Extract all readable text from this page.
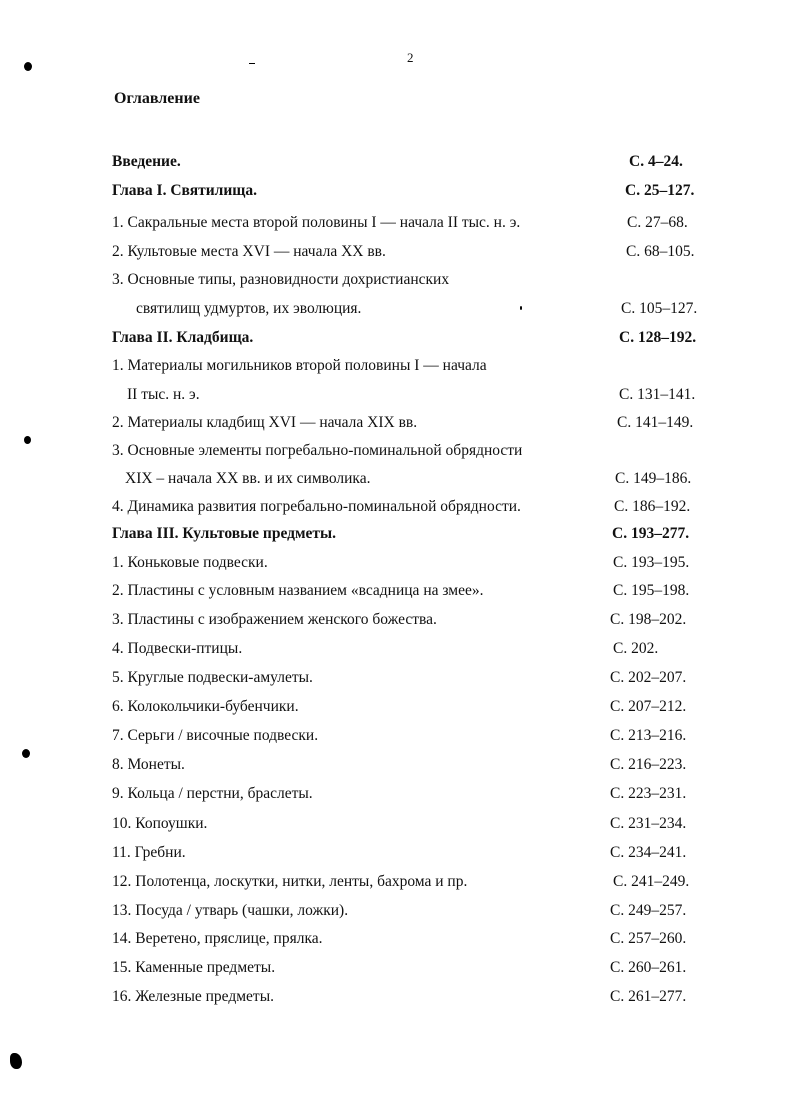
2
Оглавление
Введение.	С. 4–24.
Глава I. Святилища.	С. 25–127.
1. Сакральные места второй половины I — начала II тыс. н. э.	С. 27–68.
2. Культовые места XVI — начала XX вв.	С. 68–105.
3. Основные типы, разновидности дохристианских
святилищ удмуртов, их эволюция.	С. 105–127.
Глава II. Кладбища.	С. 128–192.
1. Материалы могильников второй половины I — начала
II тыс. н. э.	С. 131–141.
2. Материалы кладбищ XVI — начала XIX вв.	С. 141–149.
3. Основные элементы погребально-поминальной обрядности
XIX – начала XX вв. и их символика.	С. 149–186.
4. Динамика развития погребально-поминальной обрядности.	С. 186–192.
Глава III. Культовые предметы.	С. 193–277.
1. Коньковые подвески.	С. 193–195.
2. Пластины с условным названием «всадница на змее».	С. 195–198.
3. Пластины с изображением женского божества.	С. 198–202.
4. Подвески-птицы.	С. 202.
5. Круглые подвески-амулеты.	С. 202–207.
6. Колокольчики-бубенчики.	С. 207–212.
7. Серьги / височные подвески.	С. 213–216.
8. Монеты.	С. 216–223.
9. Кольца / перстни, браслеты.	С. 223–231.
10. Копоушки.	С. 231–234.
11. Гребни.	С. 234–241.
12. Полотенца, лоскутки, нитки, ленты, бахрома и пр.	С. 241–249.
13. Посуда / утварь (чашки, ложки).	С. 249–257.
14. Веретено, пряслице, прялка.	С. 257–260.
15. Каменные предметы.	С. 260–261.
16. Железные предметы.	С. 261–277.
